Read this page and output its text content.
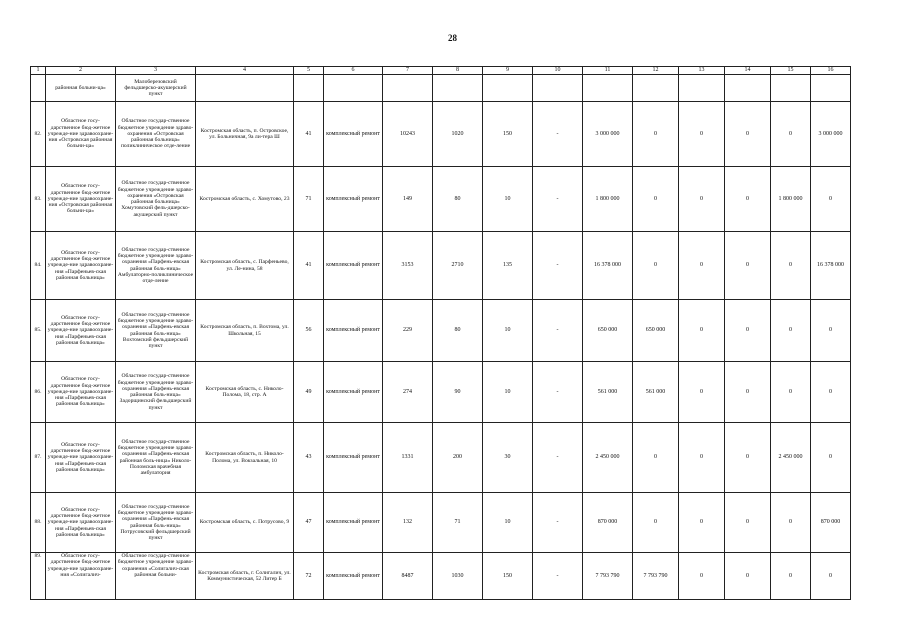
28
1	2	3	4	5	6	7	8	9	10	11	12	13	14	15	16
	районная больни-ца»	Малоберезовский фельдшерско-акушерский пункт													
82.	Областное госу-дарственное бюд-жетное учрежде-ние здравоохране-ния «Островская районная больни-ца»	Областное государ-ственное бюджетное учреждение здраво-охранения «Островская районная больница» поликлиническое отде-ление	Костромская область, п. Островское, ул. Больничная, 9а ли-тера Ш	41	комплексный ремонт	10243	1020	150	-	3 000 000	0	0	0	0	3 000 000
83.	Областное госу-дарственное бюд-жетное учрежде-ние здравоохране-ния «Островская районная больни-ца»	Областное государ-ственное бюджетное учреждение здраво-охранения «Островская районная больница» Хомутовский фель-дшерско-акушерский пункт	Костромская область, с. Хомутово, 23	71	комплексный ремонт	149	80	10	-	1 800 000	0	0	0	1 800 000	0
84.	Областное госу-дарственное бюд-жетное учрежде-ние здравоохране-ния «Парфеньев-ская районная больница»	Областное государ-ственное бюджетное учреждение здраво-охранения «Парфень-евская районная боль-ница» Амбулаторно-поликлиническое отде-ление	Костромская область, с. Парфеньево, ул. Ле-нина, 58	41	комплексный ремонт	3153	2710	135	-	16 378 000	0	0	0	0	16 378 000
85.	Областное госу-дарственное бюд-жетное учрежде-ние здравоохране-ния «Парфеньев-ская районная больница»	Областное государ-ственное бюджетное учреждение здраво-охранения «Парфень-евская районная боль-ница» Вохтомский фельдшерский пункт	Костромская область, п. Вохтома, ул. Школьная, 15	56	комплексный ремонт	229	80	10	-	650 000	650 000	0	0	0	0
86.	Областное госу-дарственное бюд-жетное учрежде-ние здравоохране-ния «Парфеньев-ская районная больница»	Областное государ-ственное бюджетное учреждение здраво-охранения «Парфень-евская районная боль-ница» Задорщинский фельдшерский пункт	Костромская область, с. Николо-Полома, 18, стр. А	49	комплексный ремонт	274	90	10	-	561 000	561 000	0	0	0	0
87.	Областное госу-дарственное бюд-жетное учрежде-ние здравоохране-ния «Парфеньев-ская районная больница»	Областное государ-ственное бюджетное учреждение здраво-охранения «Парфень-евская районная боль-ница» Николо-Поломская врачебная амбулатория	Костромская область, п. Николо-Полома, ул. Вокзальная, 10	43	комплексный ремонт	1331	200	30	-	2 450 000	0	0	0	2 450 000	0
88.	Областное госу-дарственное бюд-жетное учрежде-ние здравоохране-ния «Парфеньев-ская районная больница»	Областное государ-ственное бюджетное учреждение здраво-охранения «Парфень-евская районная боль-ница» Потрусовский фельдшерский пункт	Костромская область, с. Потрусово, 9	47	комплексный ремонт	132	71	10	-	870 000	0	0	0	0	870 000
89.	Областное госу-дарственное бюд-жетное учрежде-ние здравоохране-ния «Солигалич-	Областное государ-ственное бюджетное учреждение здраво-охранения «Солигалич-ская районная больни-	Костромская область, г. Солигалич, ул. Коммунистическая, 52 Литер Б	72	комплексный ремонт	8487	1030	150	-	7 793 790	7 793 790	0	0	0	0
